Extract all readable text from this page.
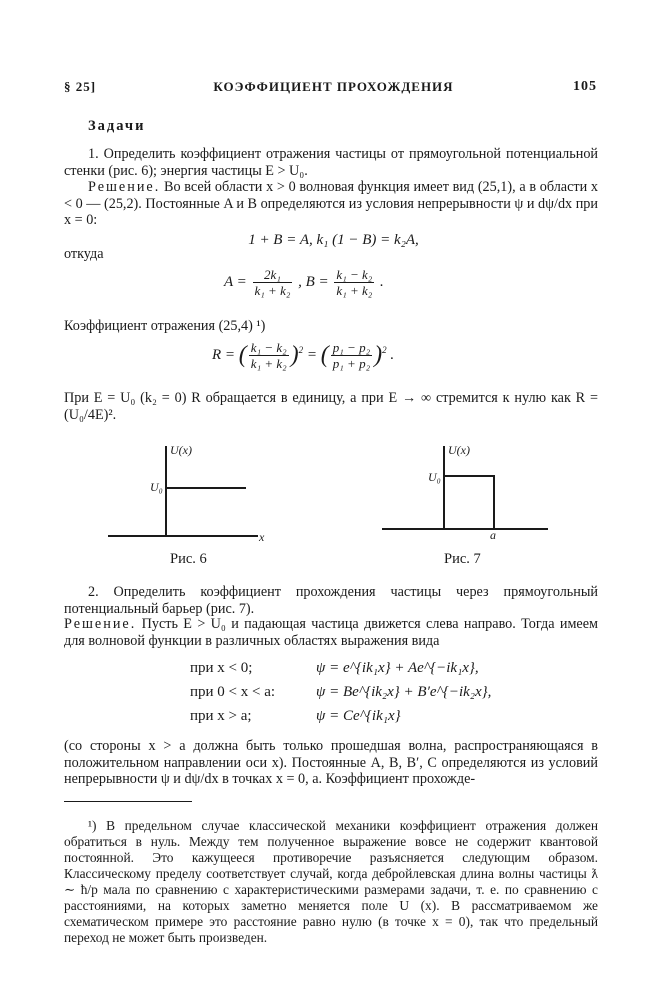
§ 25]	КОЭФФИЦИЕНТ ПРОХОЖДЕНИЯ	105
Задачи
1. Определить коэффициент отражения частицы от прямоугольной потенциальной стенки (рис. 6); энергия частицы E > U₀.
Решение. Во всей области x > 0 волновая функция имеет вид (25,1), а в области x < 0 — (25,2). Постоянные A и B определяются из условия непрерывности ψ и dψ/dx при x = 0:
1 + B = A, k₁ (1 − B) = k₂A,
откуда
$A = \frac{\text{2k₁}}{\text{k₁ + k₂}}$ , $B = \frac{\text{k₁ − k₂}}{\text{k₁ + k₂}}$ .
Коэффициент отражения (25,4) ¹)
R = ( $\frac{\text{k₁ − k₂}}{\text{k₁ + k₂}} )^2$ = ( $\frac{\text{p₁ − p₂}}{\text{p₁ + p₂}} )^2$ .
При E = U₀ (k₂ = 0) R обращается в единицу, а при E → ∞ стремится к нулю как R = (U₀/4E)².
U(x)
U₀
x
Рис. 6
U(x)
U₀
a
Рис. 7
2. Определить коэффициент прохождения частицы через прямоугольный потенциальный барьер (рис. 7).
Решение. Пусть E > U₀ и падающая частица движется слева направо. Тогда имеем для волновой функции в различных областях выражения вида
при x < 0;	ψ = e^{ik₁x} + Ae^{−ik₁x},
при 0 < x < a:	ψ = Be^{ik₂x} + B′e^{−ik₂x},
при x > a;	ψ = Ce^{ik₁x}
(со стороны x > a должна быть только прошедшая волна, распространяющаяся в положительном направлении оси x). Постоянные A, B, B′, C определяются из условий непрерывности ψ и dψ/dx в точках x = 0, a. Коэффициент прохожде-
¹) В предельном случае классической механики коэффициент отражения должен обратиться в нуль. Между тем полученное выражение вовсе не содержит квантовой постоянной. Это кажущееся противоречие разъясняется следующим образом. Классическому пределу соответствует случай, когда дебройлевская длина волны частицы ƛ ∼ ħ/p мала по сравнению с характеристическими размерами задачи, т. е. по сравнению с расстояниями, на которых заметно меняется поле U (x). В рассматриваемом же схематическом примере это расстояние равно нулю (в точке x = 0), так что предельный переход не может быть произведен.
